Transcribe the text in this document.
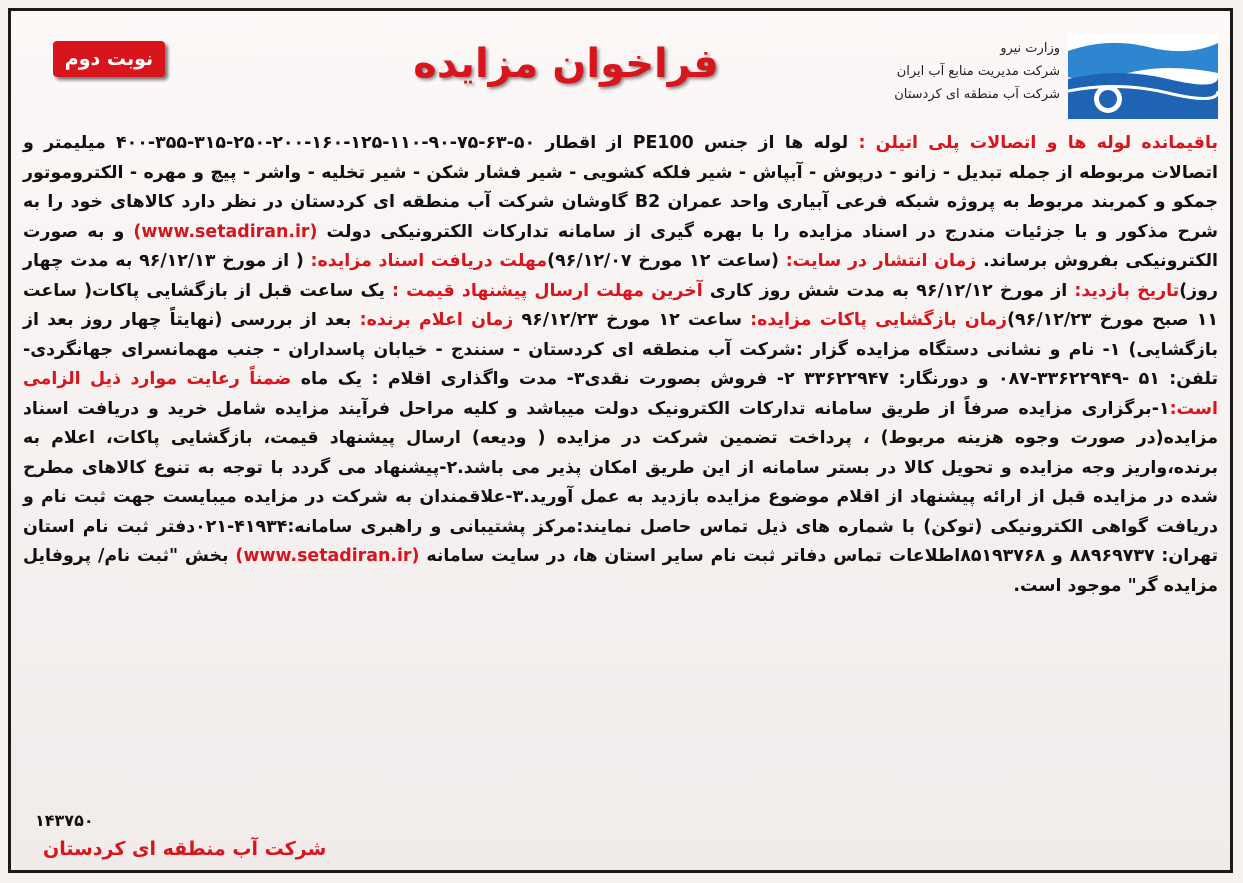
وزارت نیرو
شرکت مدیریت منابع آب ایران
شرکت آب منطقه ای کردستان
فراخوان مزایده
نوبت دوم
باقیمانده لوله ها و اتصالات پلی اتیلن : لوله ها از جنس PE100 از اقطار ۵۰-۶۳-۷۵-۹۰-۱۱۰-۱۲۵-۱۶۰-۲۰۰-۲۵۰-۳۱۵-۳۵۵-۴۰۰ میلیمتر و اتصالات مربوطه از جمله تبدیل - زانو - درپوش - آبپاش - شیر فلکه کشویی - شیر فشار شکن - شیر تخلیه - واشر - پیچ و مهره - الکتروموتور جمکو و کمربند مربوط به پروژه شبکه فرعی آبیاری واحد عمران B2 گاوشان شرکت آب منطقه ای کردستان در نظر دارد کالاهای خود را به شرح مذکور و با جزئیات مندرج در اسناد مزایده را با بهره گیری از سامانه تدارکات الکترونیکی دولت (www.setadiran.ir) و به صورت الکترونیکی بفروش برساند. زمان انتشار در سایت: (ساعت ۱۲ مورخ ۹۶/۱۲/۰۷)مهلت دریافت اسناد مزایده: ( از مورخ ۹۶/۱۲/۱۳ به مدت چهار روز)تاریخ بازدید: از مورخ ۹۶/۱۲/۱۲ به مدت شش روز کاری آخرین مهلت ارسال پیشنهاد قیمت : یک ساعت قبل از بازگشایی پاکات( ساعت ۱۱ صبح مورخ ۹۶/۱۲/۲۳)زمان بازگشایی پاکات مزایده: ساعت ۱۲ مورخ ۹۶/۱۲/۲۳ زمان اعلام برنده: بعد از بررسی (نهایتاً چهار روز بعد از بازگشایی) ۱- نام و نشانی دستگاه مزایده گزار :شرکت آب منطقه ای کردستان - سنندج - خیابان پاسداران - جنب مهمانسرای جهانگردی- تلفن: ۵۱ -۳۳۶۲۲۹۴۹-۰۸۷ و دورنگار: ۳۳۶۲۲۹۴۷ ۲- فروش بصورت نقدی۳- مدت واگذاری اقلام : یک ماه ضمناً رعایت موارد ذیل الزامی است:۱-برگزاری مزایده صرفاً از طریق سامانه تدارکات الکترونیک دولت میباشد و کلیه مراحل فرآیند مزایده شامل خرید و دریافت اسناد مزایده(در صورت وجوه هزینه مربوط) ، پرداخت تضمین شرکت در مزایده ( ودیعه) ارسال پیشنهاد قیمت، بازگشایی پاکات، اعلام به برنده،واریز وجه مزایده و تحویل کالا در بستر سامانه از این طریق امکان پذیر می باشد.۲-پیشنهاد می گردد با توجه به تنوع کالاهای مطرح شده در مزایده قبل از ارائه پیشنهاد از اقلام موضوع مزایده بازدید به عمل آورید.۳-علاقمندان به شرکت در مزایده میبایست جهت ثبت نام و دریافت گواهی الکترونیکی (توکن) با شماره های ذیل تماس حاصل نمایند:مرکز پشتیبانی و راهبری سامانه:۴۱۹۳۴-۰۲۱دفتر ثبت نام استان تهران: ۸۸۹۶۹۷۳۷ و ۸۵۱۹۳۷۶۸اطلاعات تماس دفاتر ثبت نام سایر استان ها، در سایت سامانه (www.setadiran.ir) بخش "ثبت نام/ پروفایل مزایده گر" موجود است.
۱۴۳۷۵۰
شرکت آب منطقه ای کردستان
